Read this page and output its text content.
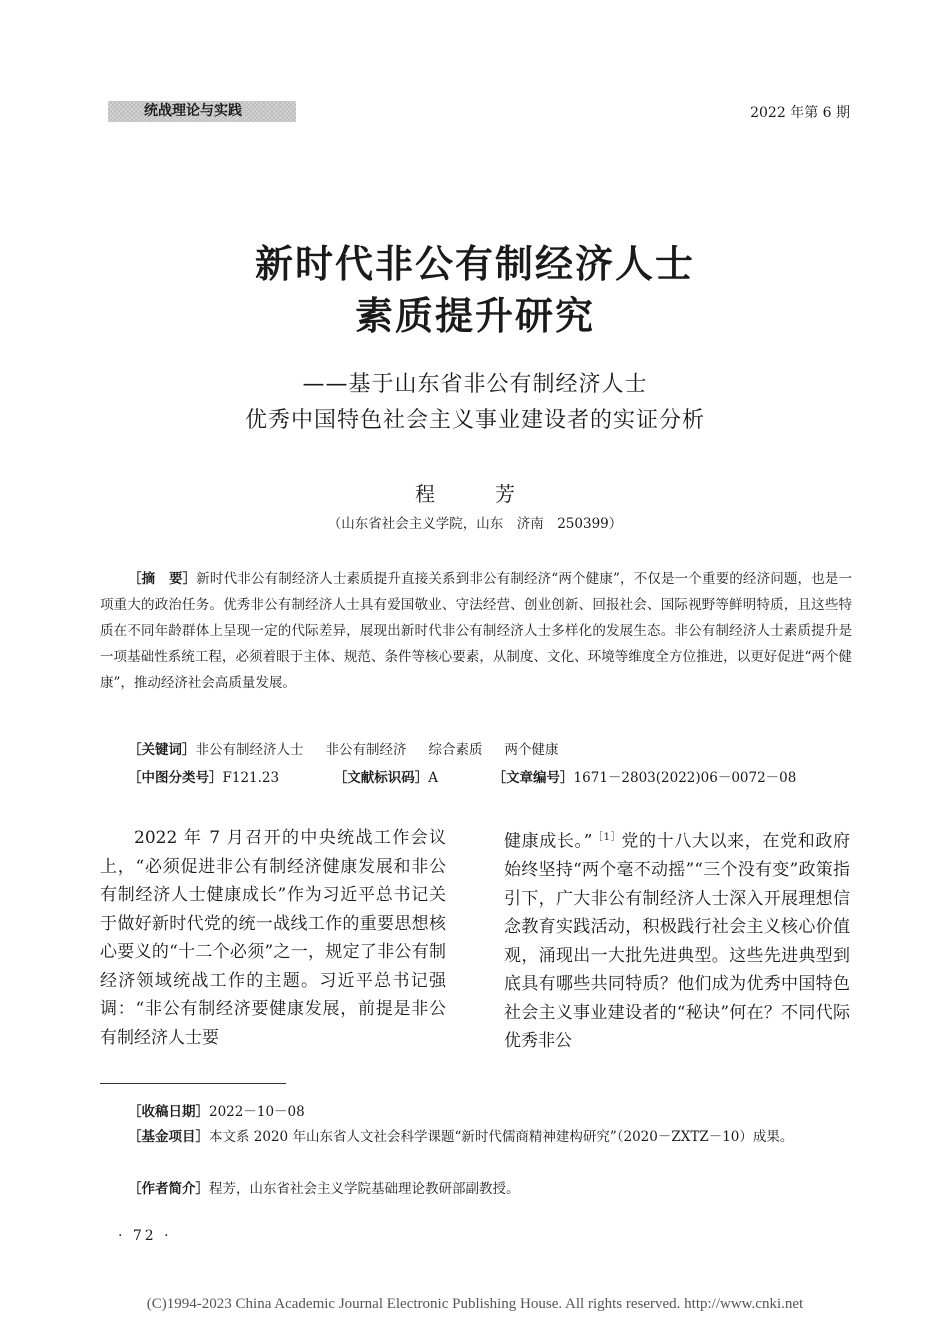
统战理论与实践	2022 年第 6 期
新时代非公有制经济人士
素质提升研究
——基于山东省非公有制经济人士
优秀中国特色社会主义事业建设者的实证分析
程　芳
（山东省社会主义学院，山东　济南　250399）
［摘　要］新时代非公有制经济人士素质提升直接关系到非公有制经济“两个健康”，不仅是一个重要的经济问题，也是一项重大的政治任务。优秀非公有制经济人士具有爱国敬业、守法经营、创业创新、回报社会、国际视野等鲜明特质，且这些特质在不同年龄群体上呈现一定的代际差异，展现出新时代非公有制经济人士多样化的发展生态。非公有制经济人士素质提升是一项基础性系统工程，必须着眼于主体、规范、条件等核心要素，从制度、文化、环境等维度全方位推进，以更好促进“两个健康”，推动经济社会高质量发展。
［关键词］非公有制经济人士 非公有制经济 综合素质 两个健康
［中图分类号］F121.23	［文献标识码］A	［文章编号］1671－2803(2022)06－0072－08
2022 年 7 月召开的中央统战工作会议上，“必须促进非公有制经济健康发展和非公有制经济人士健康成长”作为习近平总书记关于做好新时代党的统一战线工作的重要思想核心要义的“十二个必须”之一，规定了非公有制经济领域统战工作的主题。习近平总书记强调：“非公有制经济要健康发展，前提是非公有制经济人士要
健康成长。”$^{[1]}$党的十八大以来，在党和政府始终坚持“两个毫不动摇”“三个没有变”政策指引下，广大非公有制经济人士深入开展理想信念教育实践活动，积极践行社会主义核心价值观，涌现出一大批先进典型。这些先进典型到底具有哪些共同特质？他们成为优秀中国特色社会主义事业建设者的“秘诀”何在？不同代际优秀非公
［收稿日期］2022－10－08
［基金项目］本文系 2020 年山东省人文社会科学课题“新时代儒商精神建构研究”（2020－ZXTZ－10）成果。
［作者简介］程芳，山东省社会主义学院基础理论教研部副教授。
· 72 ·
(C)1994-2023 China Academic Journal Electronic Publishing House. All rights reserved. http://www.cnki.net
